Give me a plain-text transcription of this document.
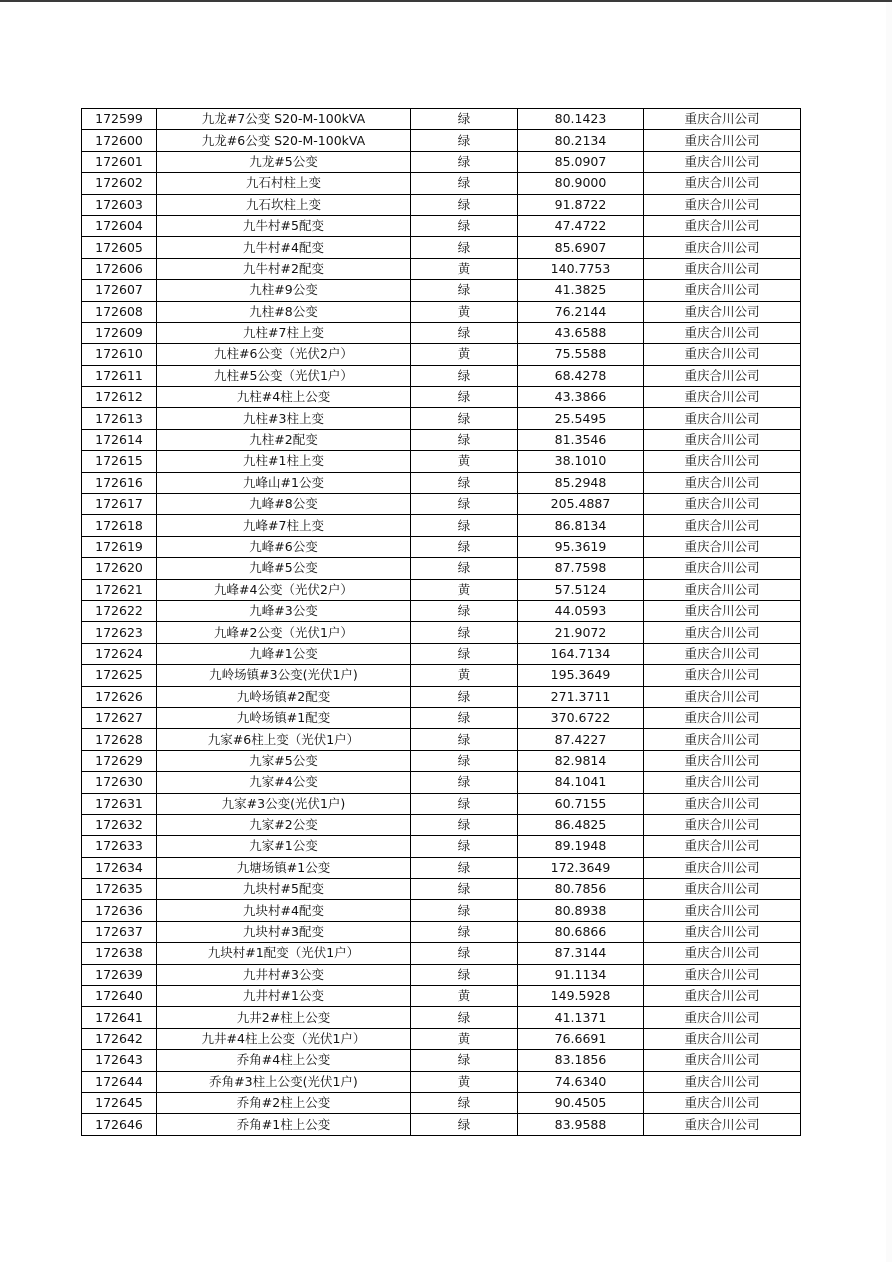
172599	九龙#7公变 S20-M-100kVA	绿	80.1423	重庆合川公司
172600	九龙#6公变 S20-M-100kVA	绿	80.2134	重庆合川公司
172601	九龙#5公变	绿	85.0907	重庆合川公司
172602	九石村柱上变	绿	80.9000	重庆合川公司
172603	九石坎柱上变	绿	91.8722	重庆合川公司
172604	九牛村#5配变	绿	47.4722	重庆合川公司
172605	九牛村#4配变	绿	85.6907	重庆合川公司
172606	九牛村#2配变	黄	140.7753	重庆合川公司
172607	九柱#9公变	绿	41.3825	重庆合川公司
172608	九柱#8公变	黄	76.2144	重庆合川公司
172609	九柱#7柱上变	绿	43.6588	重庆合川公司
172610	九柱#6公变（光伏2户）	黄	75.5588	重庆合川公司
172611	九柱#5公变（光伏1户）	绿	68.4278	重庆合川公司
172612	九柱#4柱上公变	绿	43.3866	重庆合川公司
172613	九柱#3柱上变	绿	25.5495	重庆合川公司
172614	九柱#2配变	绿	81.3546	重庆合川公司
172615	九柱#1柱上变	黄	38.1010	重庆合川公司
172616	九峰山#1公变	绿	85.2948	重庆合川公司
172617	九峰#8公变	绿	205.4887	重庆合川公司
172618	九峰#7柱上变	绿	86.8134	重庆合川公司
172619	九峰#6公变	绿	95.3619	重庆合川公司
172620	九峰#5公变	绿	87.7598	重庆合川公司
172621	九峰#4公变（光伏2户）	黄	57.5124	重庆合川公司
172622	九峰#3公变	绿	44.0593	重庆合川公司
172623	九峰#2公变（光伏1户）	绿	21.9072	重庆合川公司
172624	九峰#1公变	绿	164.7134	重庆合川公司
172625	九岭场镇#3公变(光伏1户)	黄	195.3649	重庆合川公司
172626	九岭场镇#2配变	绿	271.3711	重庆合川公司
172627	九岭场镇#1配变	绿	370.6722	重庆合川公司
172628	九家#6柱上变（光伏1户）	绿	87.4227	重庆合川公司
172629	九家#5公变	绿	82.9814	重庆合川公司
172630	九家#4公变	绿	84.1041	重庆合川公司
172631	九家#3公变(光伏1户)	绿	60.7155	重庆合川公司
172632	九家#2公变	绿	86.4825	重庆合川公司
172633	九家#1公变	绿	89.1948	重庆合川公司
172634	九塘场镇#1公变	绿	172.3649	重庆合川公司
172635	九块村#5配变	绿	80.7856	重庆合川公司
172636	九块村#4配变	绿	80.8938	重庆合川公司
172637	九块村#3配变	绿	80.6866	重庆合川公司
172638	九块村#1配变（光伏1户）	绿	87.3144	重庆合川公司
172639	九井村#3公变	绿	91.1134	重庆合川公司
172640	九井村#1公变	黄	149.5928	重庆合川公司
172641	九井2#柱上公变	绿	41.1371	重庆合川公司
172642	九井#4柱上公变（光伏1户）	黄	76.6691	重庆合川公司
172643	乔角#4柱上公变	绿	83.1856	重庆合川公司
172644	乔角#3柱上公变(光伏1户)	黄	74.6340	重庆合川公司
172645	乔角#2柱上公变	绿	90.4505	重庆合川公司
172646	乔角#1柱上公变	绿	83.9588	重庆合川公司
